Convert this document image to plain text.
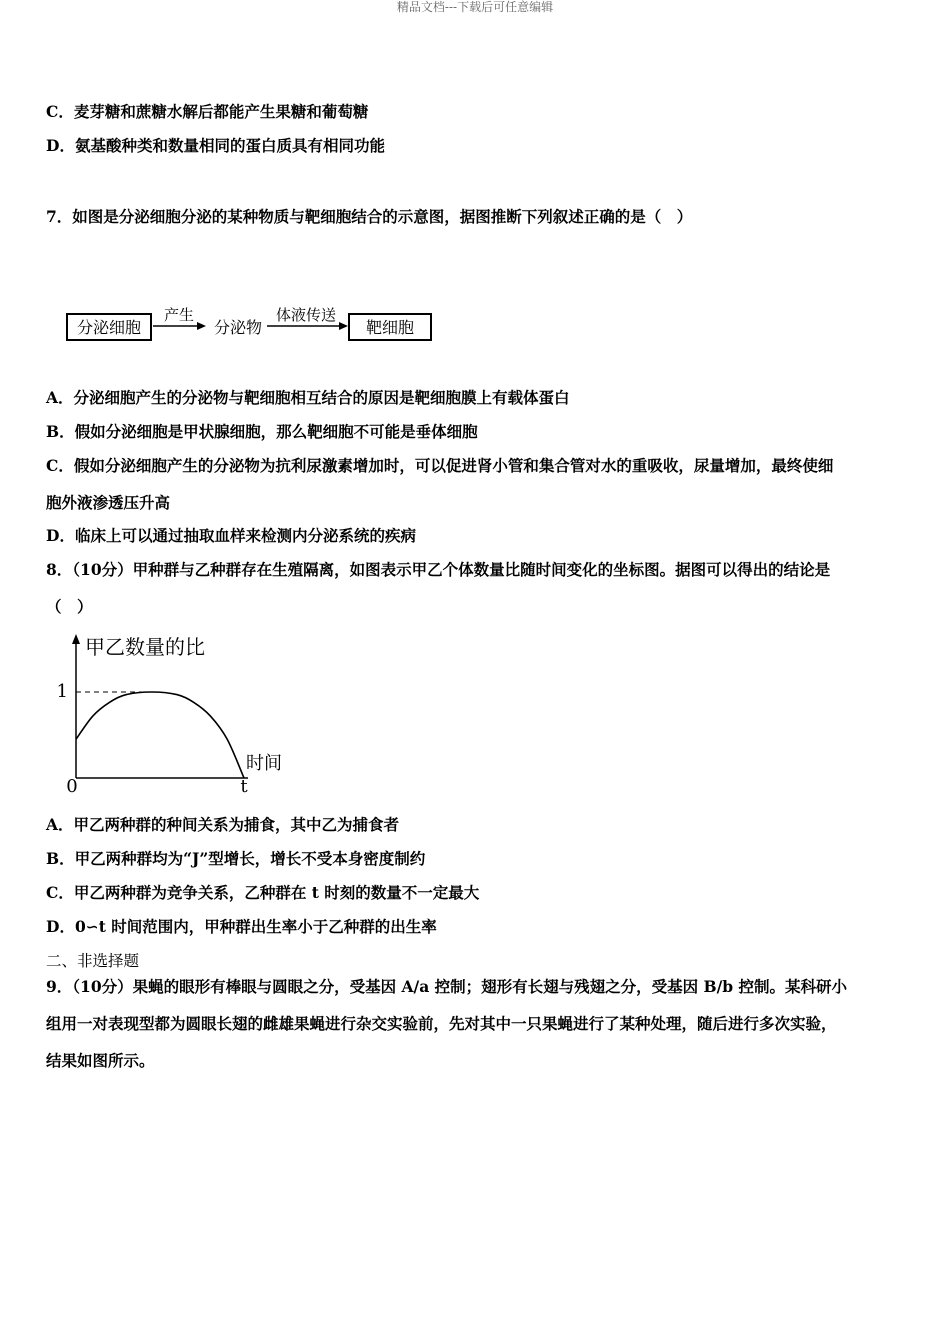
精品文档---下载后可任意编辑
C．麦芽糖和蔗糖水解后都能产生果糖和葡萄糖
D．氨基酸种类和数量相同的蛋白质具有相同功能
7．如图是分泌细胞分泌的某种物质与靶细胞结合的示意图，据图推断下列叙述正确的是（　）
分泌细胞
产生
分泌物
体液传送
靶细胞
A．分泌细胞产生的分泌物与靶细胞相互结合的原因是靶细胞膜上有载体蛋白
B．假如分泌细胞是甲状腺细胞，那么靶细胞不可能是垂体细胞
C．假如分泌细胞产生的分泌物为抗利尿激素增加时，可以促进肾小管和集合管对水的重吸收，尿量增加，最终使细
胞外液渗透压升高
D．临床上可以通过抽取血样来检测内分泌系统的疾病
8．（10分）甲种群与乙种群存在生殖隔离，如图表示甲乙个体数量比随时间变化的坐标图。据图可以得出的结论是
（　）
甲乙数量的比
1
0	t
时间
A．甲乙两种群的种间关系为捕食，其中乙为捕食者
B．甲乙两种群均为“J”型增长，增长不受本身密度制约
C．甲乙两种群为竞争关系，乙种群在 t 时刻的数量不一定最大
D．0∽t 时间范围内，甲种群出生率小于乙种群的出生率
二、非选择题
9．（10分）果蝇的眼形有棒眼与圆眼之分，受基因 A/a 控制；翅形有长翅与残翅之分，受基因 B/b 控制。某科研小
组用一对表现型都为圆眼长翅的雌雄果蝇进行杂交实验前，先对其中一只果蝇进行了某种处理，随后进行多次实验，
结果如图所示。
